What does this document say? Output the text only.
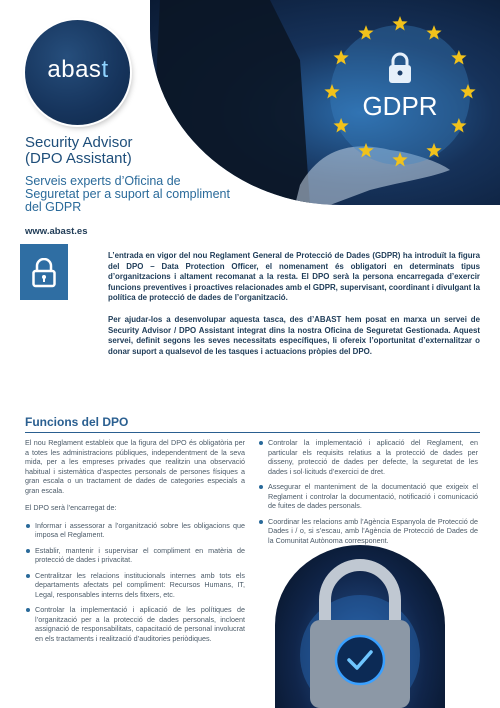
GDPR
abast
Security Advisor
(DPO Assistant)
Serveis experts d’Oficina de Seguretat per a suport al compliment del GDPR
www.abast.es

L’entrada en vigor del nou Reglament General de Protecció de Dades (GDPR) ha introduït la figura del DPO – Data Protection Officer, el nomenament és obligatori en determinats tipus d’organitzacions i altament recomanat a la resta. El DPO serà la persona encarregada d’exercir funcions preventives i proactives relacionades amb el GDPR, supervisant, coordinant i divulgant la política de protecció de dades de l’organització.

Per ajudar-los a desenvolupar aquesta tasca, des d’ABAST hem posat en marxa un servei de Security Advisor / DPO Assistant integrat dins la nostra Oficina de Seguretat Gestionada. Aquest servei, definit segons les seves necessitats específiques, li ofereix l’oportunitat d’externalitzar o donar suport a qualsevol de les tasques i actuacions pròpies del DPO.

Funcions del DPO

El nou Reglament estableix que la figura del DPO és obligatòria per a totes les administracions públiques, independentment de la seva mida, per a les empreses privades que realitzin una observació habitual i sistemàtica d’aspectes personals de persones físiques a gran escala o un tractament de dades de categories especials a gran escala.

El DPO serà l’encarregat de:

Informar i assessorar a l’organització sobre les obligacions que imposa el Reglament.
Establir, mantenir i supervisar el compliment en matèria de protecció de dades i privacitat.
Centralitzar les relacions institucionals internes amb tots els departaments afectats pel compliment: Recursos Humans, IT, Legal, responsables interns dels fitxers, etc.
Controlar la implementació i aplicació de les polítiques de l’organització per a la protecció de dades personals, incloent assignació de responsabilitats, capacitació de personal involucrat en els tractaments i realització d’auditories periòdiques.
Controlar la implementació i aplicació del Reglament, en particular els requisits relatius a la protecció de dades per disseny, protecció de dades per defecte, la seguretat de les dades i sol·licituds d’exercici de dret.
Assegurar el manteniment de la documentació que exigeix el Reglament i controlar la documentació, notificació i comunicació de fuites de dades personals.
Coordinar les relacions amb l’Agència Espanyola de Protecció de Dades i / o, si s’escau, amb l’Agència de Protecció de Dades de la Comunitat Autònoma corresponent.
